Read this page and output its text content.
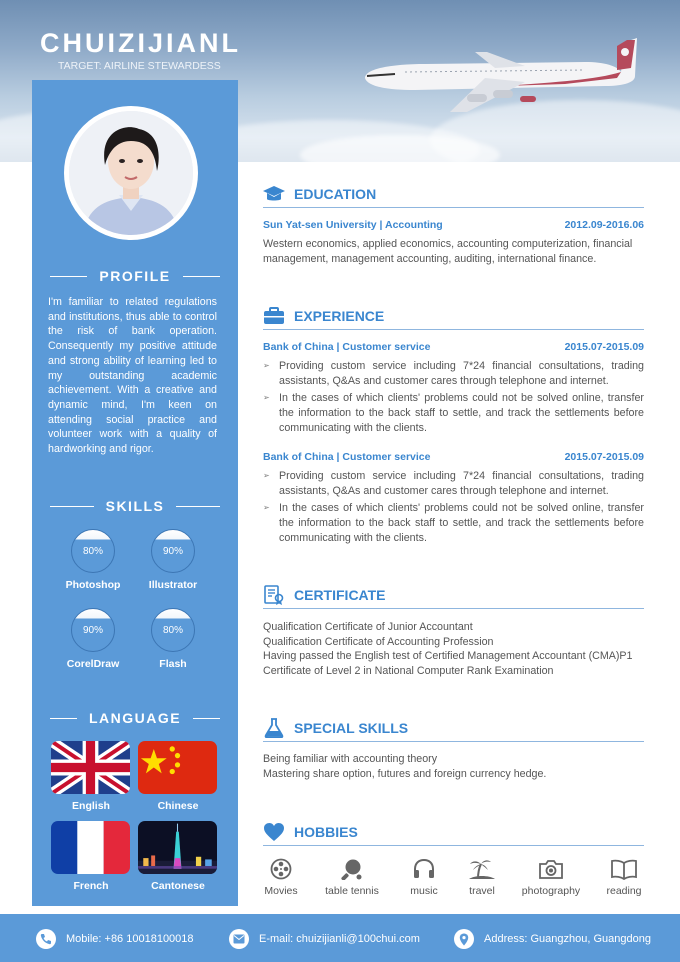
CHUIZIJIANL
TARGET: AIRLINE STEWARDESS
PROFILE
I'm familiar to related regulations and institutions, thus able to control the risk of bank operation. Consequently my positive attitude and strong ability of learning led to my outstanding academic achievement. With a creative and dynamic mind, I'm keen on attending social practice and volunteer work with a quality of hardworking and rigor.
SKILLS
80%
Photoshop
90%
Illustrator
90%
CorelDraw
80%
Flash
LANGUAGE
English	Chinese
French	Cantonese
EDUCATION
Sun Yat-sen University | Accounting	2012.09-2016.06
Western economics, applied economics, accounting computerization, financial management, management accounting, auditing, international finance.
EXPERIENCE
Bank of China | Customer service	2015.07-2015.09
➢ Providing custom service including 7*24 financial consultations, trading assistants, Q&As and customer cares through telephone and internet.
➢ In the cases of which clients' problems could not be solved online, transfer the information to the back staff to settle, and track the settlements before communicating with the clients.
Bank of China | Customer service	2015.07-2015.09
➢ Providing custom service including 7*24 financial consultations, trading assistants, Q&As and customer cares through telephone and internet.
➢ In the cases of which clients' problems could not be solved online, transfer the information to the back staff to settle, and track the settlements before communicating with the clients.
CERTIFICATE
Qualification Certificate of Junior Accountant
Qualification Certificate of Accounting Profession
Having passed the English test of Certified Management Accountant (CMA)P1
Certificate of Level 2 in National Computer Rank Examination
SPECIAL SKILLS
Being familiar with accounting theory
Mastering share option, futures and foreign currency hedge.
HOBBIES
Movies	table tennis	music	travel	photography	reading
Mobile: +86 10018100018	E-mail: chuizijianli@100chui.com	Address: Guangzhou, Guangdong
